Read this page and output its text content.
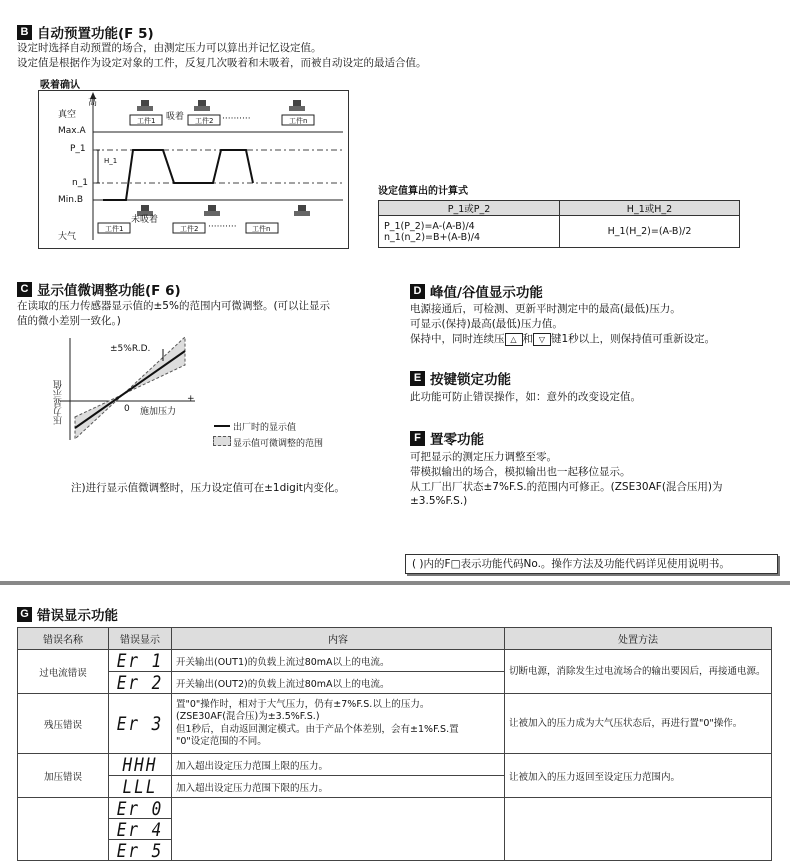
B 自动预置功能(F 5)
设定时选择自动预置的场合，由测定压力可以算出并记忆设定值。
设定值是根据作为设定对象的工件，反复几次吸着和未吸着，而被自动设定的最适合值。
吸着确认
高
真空
Max.A
P_1
H_1
n_1
Min.B
大气
吸着
未吸着
工件1	工件2 ··········	工件n
工件1	工件2 ·········· 工件n
设定值算出的计算式
P_1或P_2	H_1或H_2

P_1(P_2)=A-(A-B)/4
n_1(n_2)=B+(A-B)/4	H_1(H_2)=(A-B)/2
C 显示值微调整功能(F 6)
在读取的压力传感器显示值的±5%的范围内可微调整。(可以让显示
值的微小差别一致化。)
±5%R.D.
压力显示值	0 施加压力
+
出厂时的显示值
显示值可微调整的范围
注)进行显示值微调整时，压力设定值可在±1digit内变化。
D 峰值/谷值显示功能
电源接通后，可检测、更新平时测定中的最高(最低)压力。
可显示(保持)最高(最低)压力值。
保持中，同时连续压 △ 和 ▽ 键1秒以上，则保持值可重新设定。
E 按键锁定功能
此功能可防止错误操作，如：意外的改变设定值。
F 置零功能
可把显示的测定压力调整至零。
带模拟输出的场合，模拟输出也一起移位显示。
从工厂出厂状态±7%F.S.的范围内可修正。(ZSE30AF(混合压用)为
±3.5%F.S.)
( )内的F□表示功能代码No.。操作方法及功能代码详见使用说明书。
G 错误显示功能
错误名称	错误显示	内容	处置方法
过电流错误	Er 1	开关输出(OUT1)的负载上流过80mA以上的电流。	切断电源，消除发生过电流场合的输出要因后，再接通电源。

	Er 2	开关输出(OUT2)的负载上流过80mA以上的电流。	
残压错误	Er 3	置"0"操作时，相对于大气压力，仍有±7%F.S.以上的压力。
(ZSE30AF(混合压)为±3.5%F.S.)
但1秒后，自动返回测定模式。由于产品个体差别，会有±1%F.S.置
"0"设定范围的不同。	让被加入的压力成为大气压状态后，再进行置"0"操作。
加压错误	HHH	加入超出设定压力范围上限的压力。	让被加入的压力返回至设定压力范围内。

	LLL	加入超出设定压力范围下限的压力。	

	Er 0		

	Er 4		

	Er 5		
